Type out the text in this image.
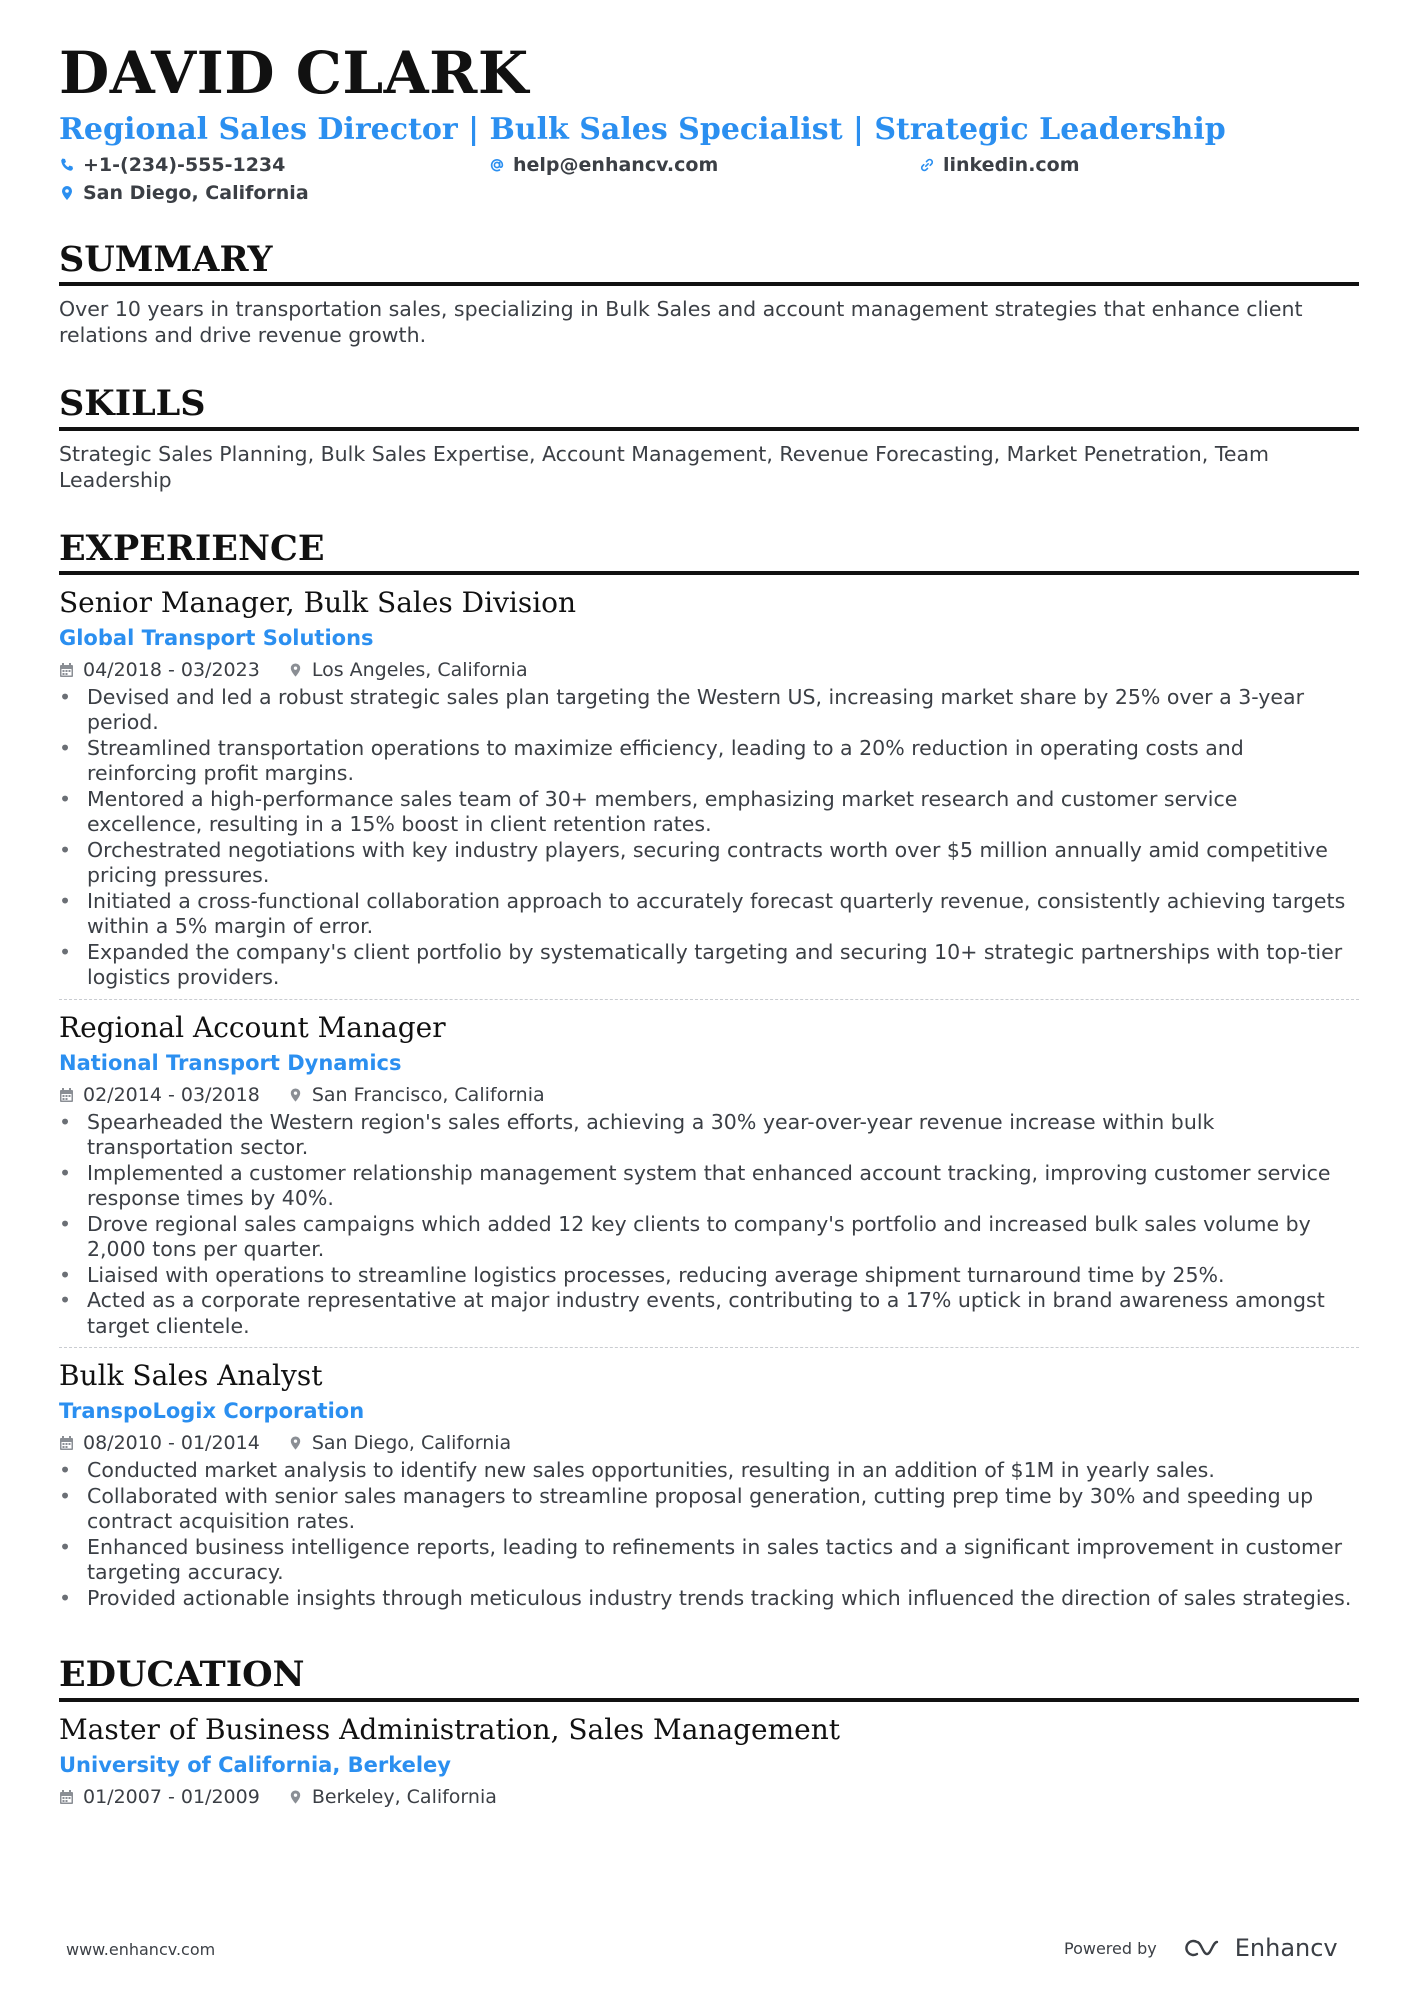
DAVID CLARK
Regional Sales Director | Bulk Sales Specialist | Strategic Leadership
+1-(234)-555-1234	help@enhancv.com	linkedin.com
San Diego, California
SUMMARY
Over 10 years in transportation sales, specializing in Bulk Sales and account management strategies that enhance client relations and drive revenue growth.
SKILLS
Strategic Sales Planning, Bulk Sales Expertise, Account Management, Revenue Forecasting, Market Penetration, Team Leadership
EXPERIENCE
Senior Manager, Bulk Sales Division
Global Transport Solutions
04/2018 - 03/2023	Los Angeles, California
• Devised and led a robust strategic sales plan targeting the Western US, increasing market share by 25% over a 3-year period.
• Streamlined transportation operations to maximize efficiency, leading to a 20% reduction in operating costs and reinforcing profit margins.
• Mentored a high-performance sales team of 30+ members, emphasizing market research and customer service excellence, resulting in a 15% boost in client retention rates.
• Orchestrated negotiations with key industry players, securing contracts worth over $5 million annually amid competitive pricing pressures.
• Initiated a cross-functional collaboration approach to accurately forecast quarterly revenue, consistently achieving targets within a 5% margin of error.
• Expanded the company's client portfolio by systematically targeting and securing 10+ strategic partnerships with top-tier logistics providers.
Regional Account Manager
National Transport Dynamics
02/2014 - 03/2018	San Francisco, California
• Spearheaded the Western region's sales efforts, achieving a 30% year-over-year revenue increase within bulk transportation sector.
• Implemented a customer relationship management system that enhanced account tracking, improving customer service response times by 40%.
• Drove regional sales campaigns which added 12 key clients to company's portfolio and increased bulk sales volume by 2,000 tons per quarter.
• Liaised with operations to streamline logistics processes, reducing average shipment turnaround time by 25%.
• Acted as a corporate representative at major industry events, contributing to a 17% uptick in brand awareness amongst target clientele.
Bulk Sales Analyst
TranspoLogix Corporation
08/2010 - 01/2014	San Diego, California
• Conducted market analysis to identify new sales opportunities, resulting in an addition of $1M in yearly sales.
• Collaborated with senior sales managers to streamline proposal generation, cutting prep time by 30% and speeding up contract acquisition rates.
• Enhanced business intelligence reports, leading to refinements in sales tactics and a significant improvement in customer targeting accuracy.
• Provided actionable insights through meticulous industry trends tracking which influenced the direction of sales strategies.
EDUCATION
Master of Business Administration, Sales Management
University of California, Berkeley
01/2007 - 01/2009	Berkeley, California
www.enhancv.com	Powered by	Enhancv
